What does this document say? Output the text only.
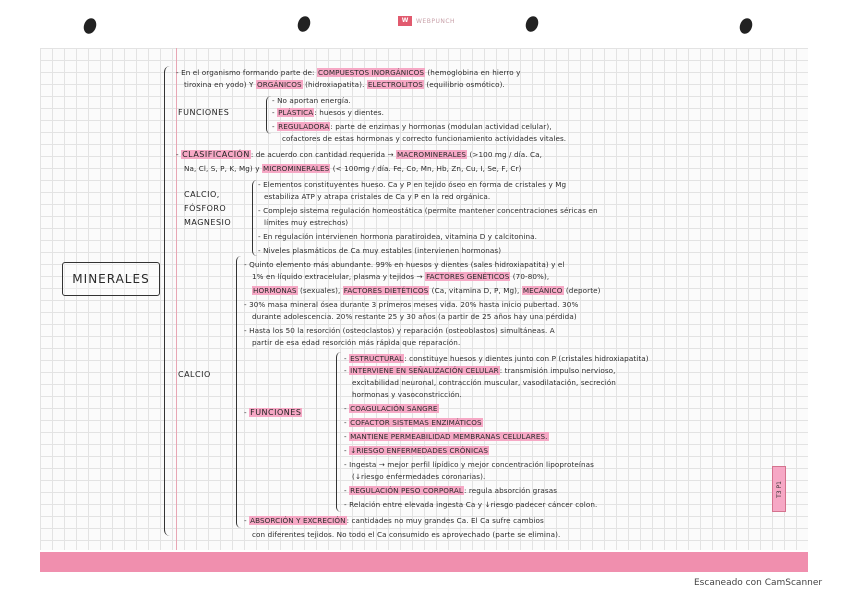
W	WEBPUNCH
MINERALES
- En el organismo formando parte de: COMPUESTOS INORGÁNICOS (hemoglobina en hierro y
tiroxina en yodo) Y ORGÁNICOS (hidroxiapatita). ELECTROLITOS (equilibrio osmótico).
FUNCIONES
- No aportan energía.
- PLÁSTICA: huesos y dientes.
- REGULADORA: parte de enzimas y hormonas (modulan actividad celular),
cofactores de estas hormonas y correcto funcionamiento actividades vitales.
- CLASIFICACIÓN: de acuerdo con cantidad requerida → MACROMINERALES (>100 mg / día. Ca,
Na, Cl, S, P, K, Mg) y MICROMINERALES (< 100mg / día. Fe, Co, Mn, Hb, Zn, Cu, I, Se, F, Cr)
CALCIO,
FÓSFORO
MAGNESIO
- Elementos constituyentes hueso. Ca y P en tejido óseo en forma de cristales y Mg
estabiliza ATP y atrapa cristales de Ca y P en la red orgánica.
- Complejo sistema regulación homeostática (permite mantener concentraciones séricas en
límites muy estrechos)
- En regulación intervienen hormona paratiroidea, vitamina D y calcitonina.
- Niveles plasmáticos de Ca muy estables (intervienen hormonas)
- Quinto elemento más abundante. 99% en huesos y dientes (sales hidroxiapatita) y el
1% en líquido extracelular, plasma y tejidos → FACTORES GENÉTICOS (70-80%),
HORMONAS (sexuales), FACTORES DIETÉTICOS (Ca, vitamina D, P, Mg), MECÁNICO (deporte)
- 30% masa mineral ósea durante 3 primeros meses vida. 20% hasta inicio pubertad. 30%
durante adolescencia. 20% restante 25 y 30 años (a partir de 25 años hay una pérdida)
- Hasta los 50 la resorción (osteoclastos) y reparación (osteoblastos) simultáneas. A
partir de esa edad resorción más rápida que reparación.
CALCIO
- FUNCIONES
- ESTRUCTURAL: constituye huesos y dientes junto con P (cristales hidroxiapatita)
- INTERVIENE EN SEÑALIZACIÓN CELULAR: transmisión impulso nervioso,
excitabilidad neuronal, contracción muscular, vasodilatación, secreción
hormonas y vasoconstricción.
- COAGULACIÓN SANGRE
- COFACTOR SISTEMAS ENZIMÁTICOS
- MANTIENE PERMEABILIDAD MEMBRANAS CELULARES.
- ↓RIESGO ENFERMEDADES CRÓNICAS
- Ingesta → mejor perfil lipídico y mejor concentración lipoproteínas
(↓riesgo enfermedades coronarias).
- REGULACIÓN PESO CORPORAL: regula absorción grasas
- Relación entre elevada ingesta Ca y ↓riesgo padecer cáncer colon.
- ABSORCIÓN Y EXCRECIÓN: cantidades no muy grandes Ca. El Ca sufre cambios
con diferentes tejidos. No todo el Ca consumido es aprovechado (parte se elimina).
T3 P1
Escaneado con CamScanner
